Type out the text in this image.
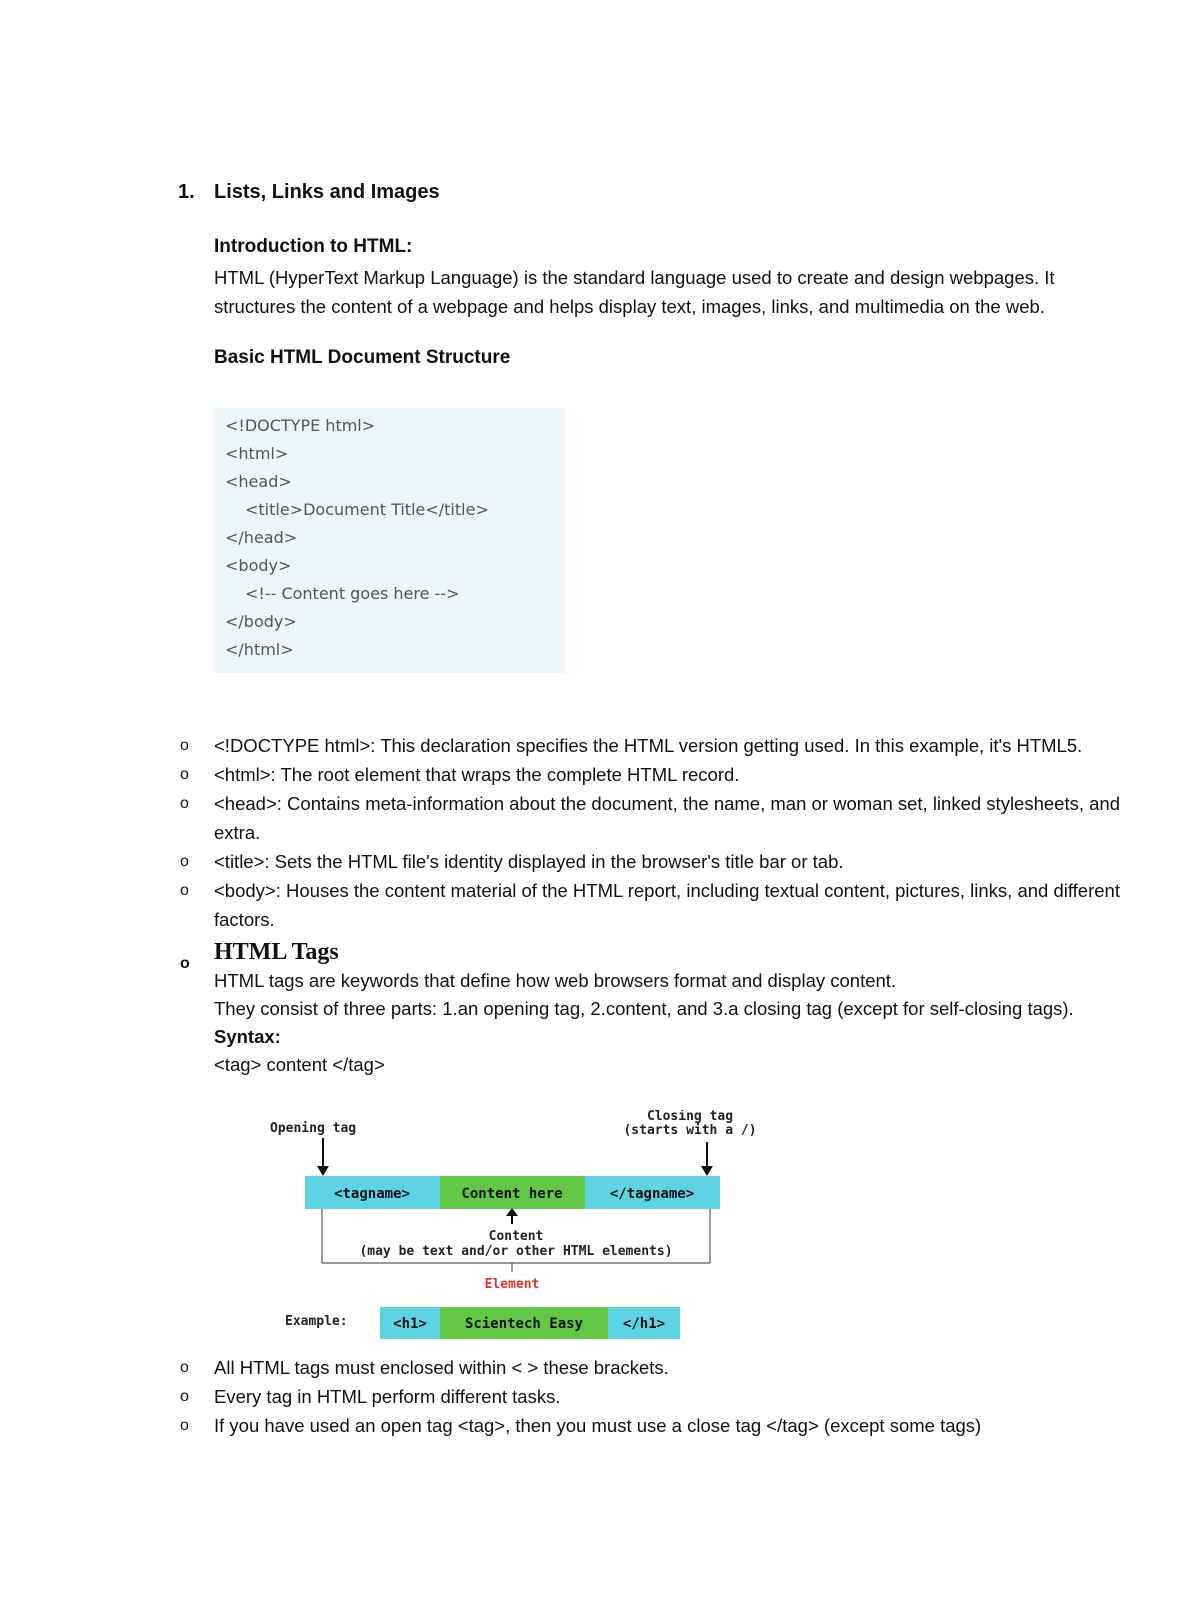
1. Lists, Links and Images
Introduction to HTML:
HTML (HyperText Markup Language) is the standard language used to create and design webpages. It structures the content of a webpage and helps display text, images, links, and multimedia on the web.
Basic HTML Document Structure
<!DOCTYPE html>
<html>
<head>
<title>Document Title</title>
</head>
<body>
<!-- Content goes here -->
</body>
</html>
o <!DOCTYPE html>: This declaration specifies the HTML version getting used. In this example, it's HTML5.
o <html>: The root element that wraps the complete HTML record.
o <head>: Contains meta-information about the document, the name, man or woman set, linked stylesheets, and extra.
o <title>: Sets the HTML file's identity displayed in the browser's title bar or tab.
o <body>: Houses the content material of the HTML report, including textual content, pictures, links, and different factors.
o HTML Tags
HTML tags are keywords that define how web browsers format and display content.
They consist of three parts: 1.an opening tag, 2.content, and 3.a closing tag (except for self-closing tags).
Syntax:
<tag> content </tag>
Opening tag
Closing tag
(starts with a /)
<tagname>	Content here	</tagname>
Content
(may be text and/or other HTML elements)
Element
Example:	<h1>	Scientech Easy	</h1>
o All HTML tags must enclosed within < > these brackets.
o Every tag in HTML perform different tasks.
o If you have used an open tag <tag>, then you must use a close tag </tag> (except some tags)
